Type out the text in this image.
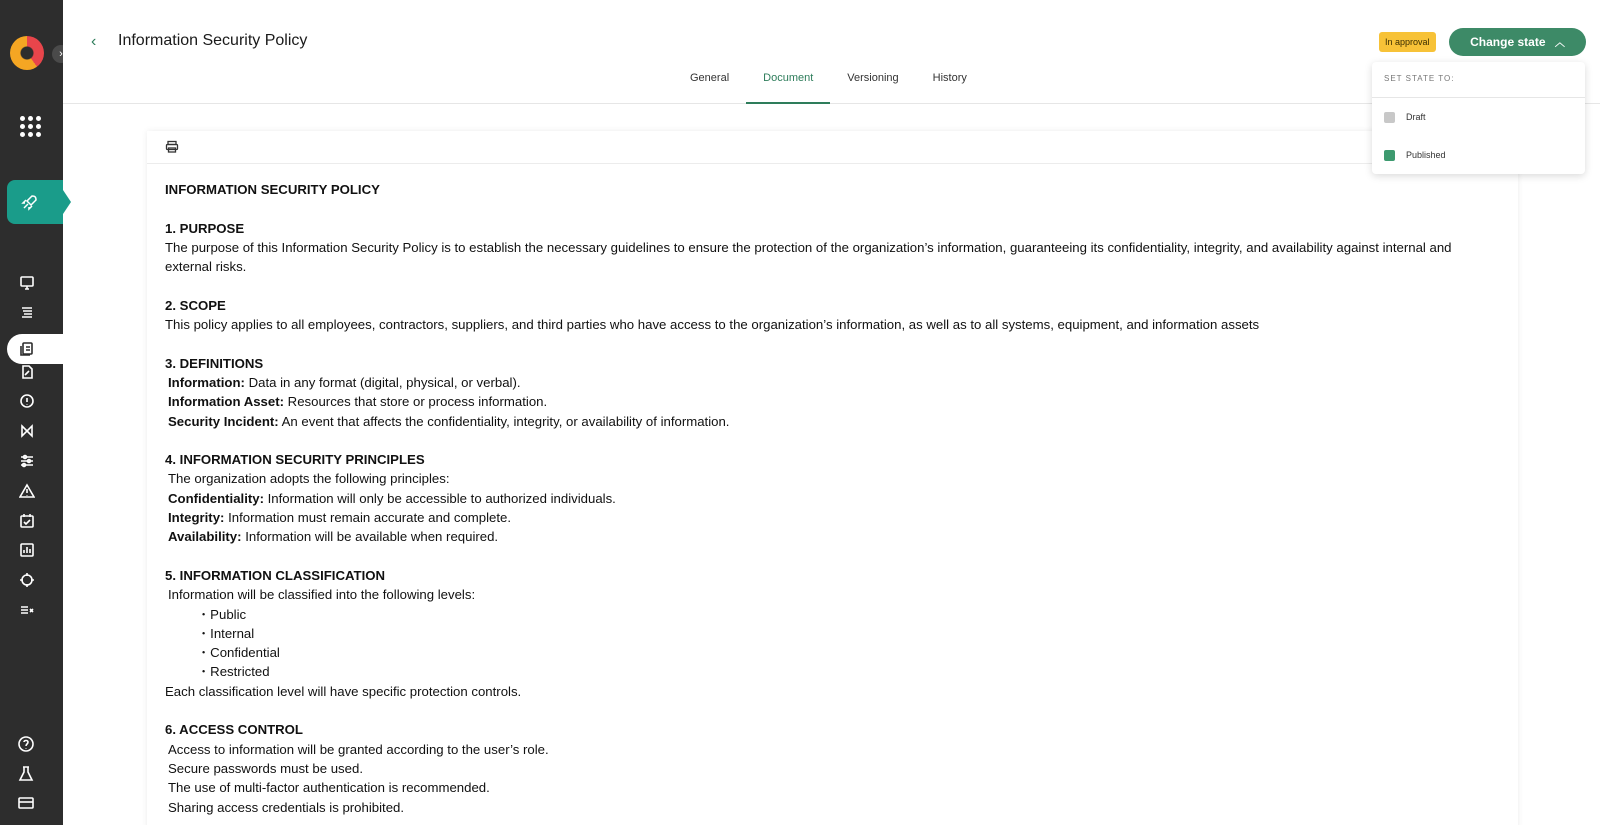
›
‹ Information Security Policy
General	Document	Versioning	History
In approval	Change state ︿
SET STATE TO:
Draft
Published
INFORMATION SECURITY POLICY
1. PURPOSE
The purpose of this Information Security Policy is to establish the necessary guidelines to ensure the protection of the organization’s information, guaranteeing its confidentiality, integrity, and availability against internal and external risks.
2. SCOPE
This policy applies to all employees, contractors, suppliers, and third parties who have access to the organization’s information, as well as to all systems, equipment, and information assets
3. DEFINITIONS
Information: Data in any format (digital, physical, or verbal).
Information Asset: Resources that store or process information.
Security Incident: An event that affects the confidentiality, integrity, or availability of information.
4. INFORMATION SECURITY PRINCIPLES
The organization adopts the following principles:
Confidentiality: Information will only be accessible to authorized individuals.
Integrity: Information must remain accurate and complete.
Availability: Information will be available when required.
5. INFORMATION CLASSIFICATION
Information will be classified into the following levels:
・Public
・Internal
・Confidential
・Restricted
Each classification level will have specific protection controls.
6. ACCESS CONTROL
Access to information will be granted according to the user’s role.
Secure passwords must be used.
The use of multi-factor authentication is recommended.
Sharing access credentials is prohibited.
